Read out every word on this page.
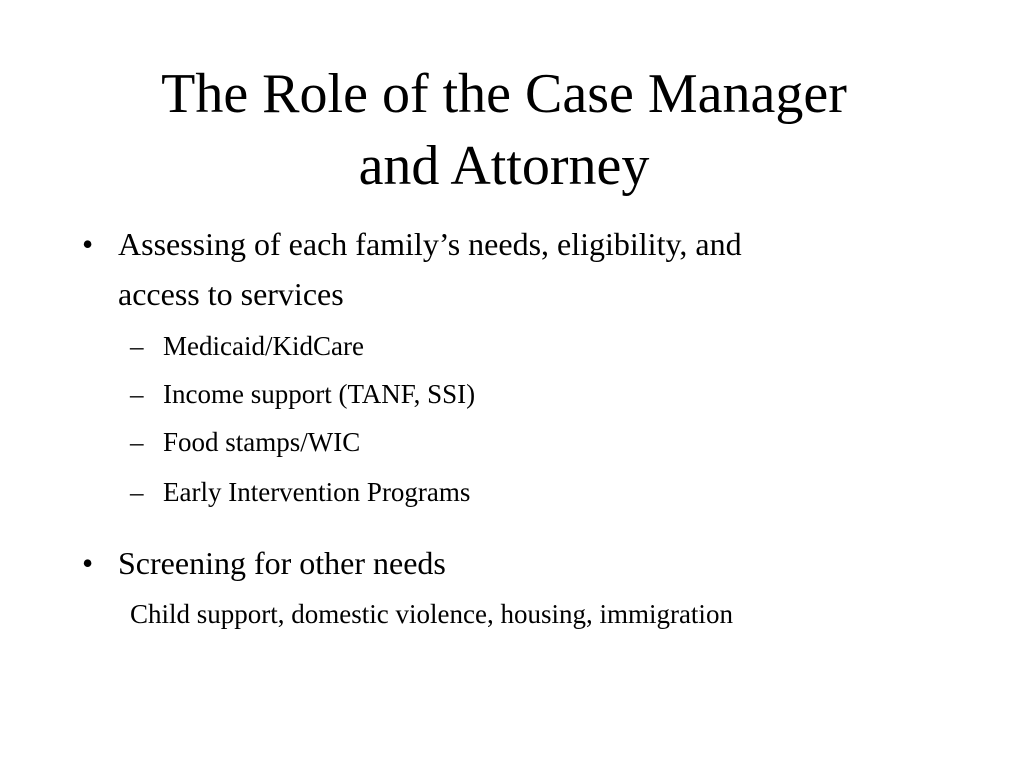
The Role of the Case Manager
and Attorney
• Assessing of each family’s needs, eligibility, and
access to services
– Medicaid/KidCare
– Income support (TANF, SSI)
– Food stamps/WIC
– Early Intervention Programs
• Screening for other needs
Child support, domestic violence, housing, immigration
